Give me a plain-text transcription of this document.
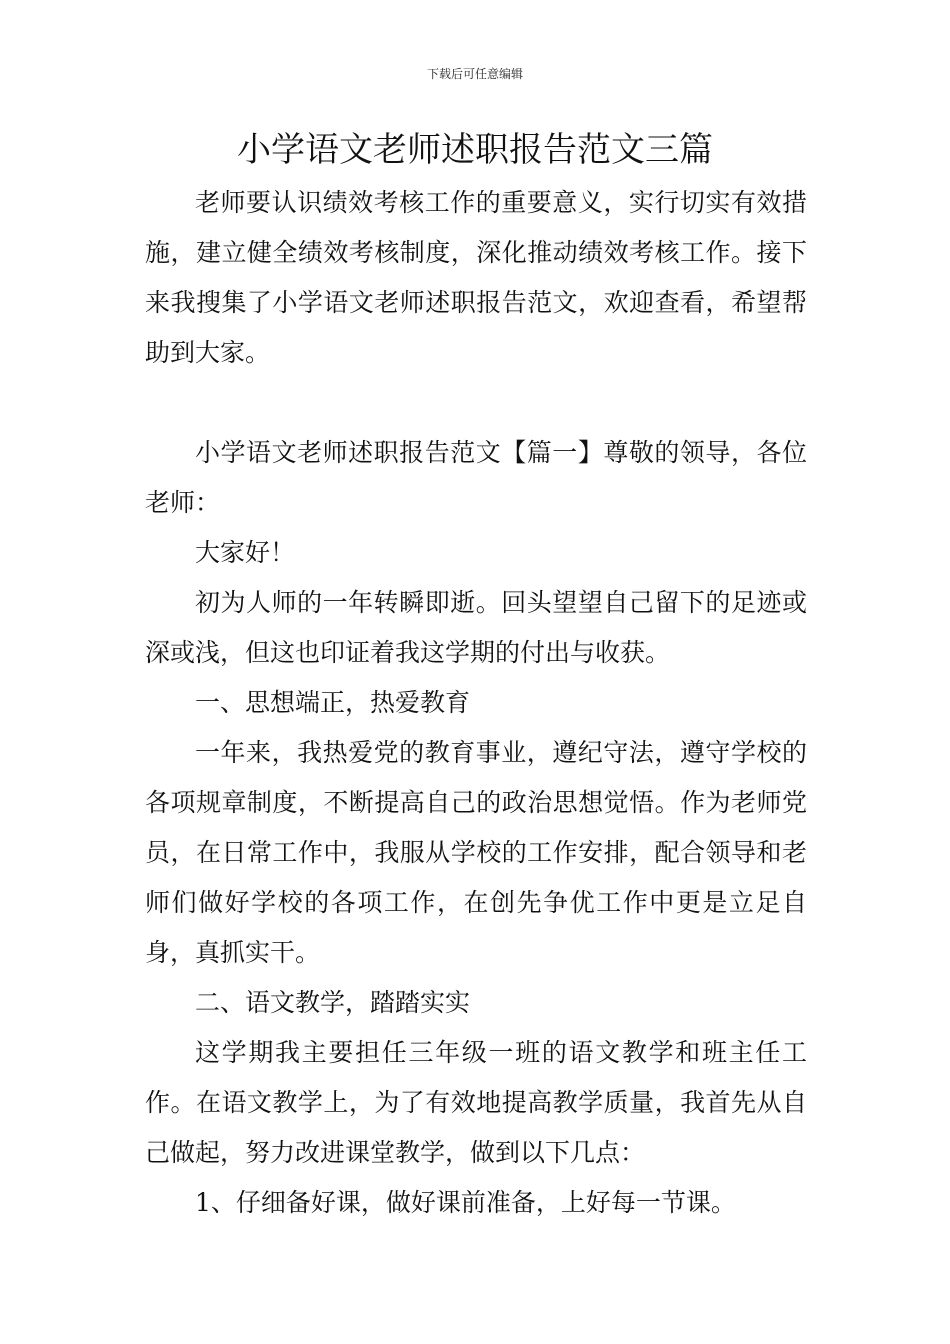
下载后可任意编辑
小学语文老师述职报告范文三篇

老师要认识绩效考核工作的重要意义，实行切实有效措施，建立健全绩效考核制度，深化推动绩效考核工作。接下来我搜集了小学语文老师述职报告范文，欢迎查看，希望帮助到大家。

小学语文老师述职报告范文【篇一】尊敬的领导，各位老师：

大家好！

初为人师的一年转瞬即逝。回头望望自己留下的足迹或深或浅，但这也印证着我这学期的付出与收获。

一、思想端正，热爱教育

一年来，我热爱党的教育事业，遵纪守法，遵守学校的各项规章制度，不断提高自己的政治思想觉悟。作为老师党员，在日常工作中，我服从学校的工作安排，配合领导和老师们做好学校的各项工作，在创先争优工作中更是立足自身，真抓实干。

二、语文教学，踏踏实实

这学期我主要担任三年级一班的语文教学和班主任工作。在语文教学上，为了有效地提高教学质量，我首先从自己做起，努力改进课堂教学，做到以下几点：

1、仔细备好课，做好课前准备，上好每一节课。
